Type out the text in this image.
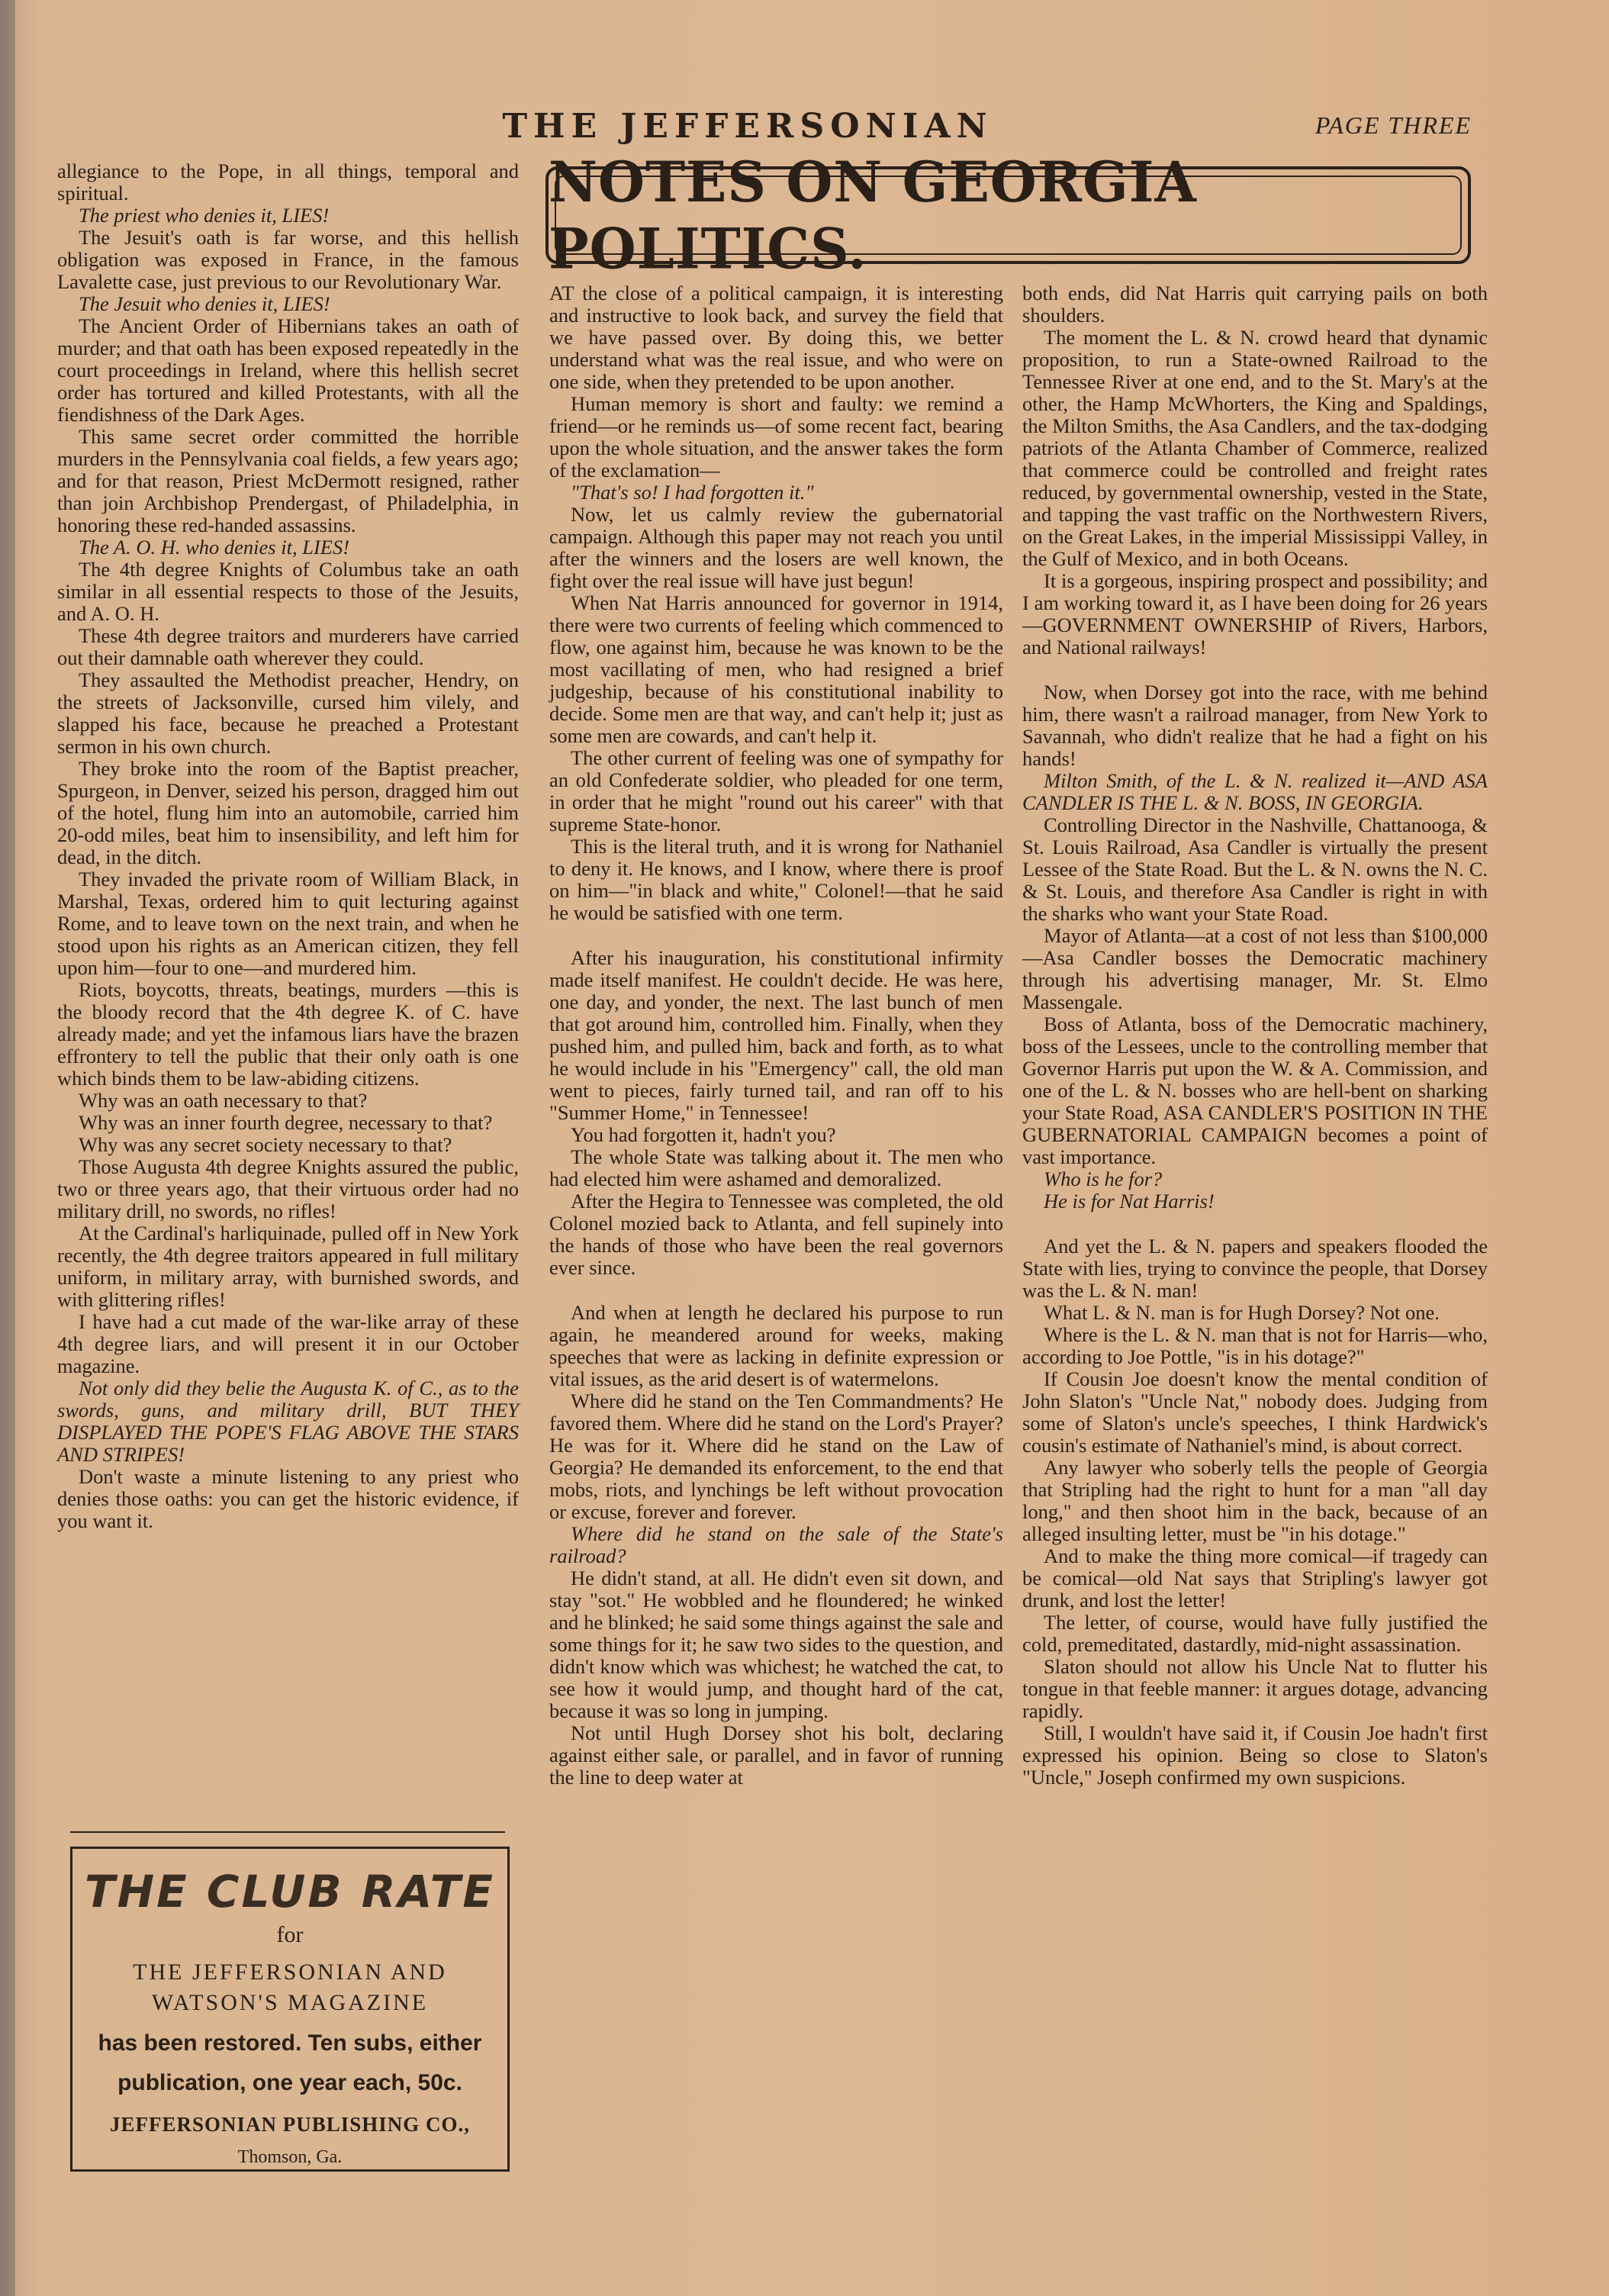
THE JEFFERSONIAN	PAGE THREE

allegiance to the Pope, in all things, temporal and spiritual.

The priest who denies it, LIES!

The Jesuit's oath is far worse, and this hellish obligation was exposed in France, in the famous Lavalette case, just previous to our Revolutionary War.

The Jesuit who denies it, LIES!

The Ancient Order of Hibernians takes an oath of murder; and that oath has been exposed repeatedly in the court proceedings in Ireland, where this hellish secret order has tortured and killed Protestants, with all the fiendishness of the Dark Ages.

This same secret order committed the horrible murders in the Pennsylvania coal fields, a few years ago; and for that reason, Priest McDermott resigned, rather than join Archbishop Prendergast, of Philadelphia, in honoring these red-handed assassins.

The A. O. H. who denies it, LIES!

The 4th degree Knights of Columbus take an oath similar in all essential respects to those of the Jesuits, and A. O. H.

These 4th degree traitors and murderers have carried out their damnable oath wherever they could.

They assaulted the Methodist preacher, Hendry, on the streets of Jacksonville, cursed him vilely, and slapped his face, because he preached a Protestant sermon in his own church.

They broke into the room of the Baptist preacher, Spurgeon, in Denver, seized his person, dragged him out of the hotel, flung him into an automobile, carried him 20-odd miles, beat him to insensibility, and left him for dead, in the ditch.

They invaded the private room of William Black, in Marshal, Texas, ordered him to quit lecturing against Rome, and to leave town on the next train, and when he stood upon his rights as an American citizen, they fell upon him—four to one—and murdered him.

Riots, boycotts, threats, beatings, murders —this is the bloody record that the 4th degree K. of C. have already made; and yet the infamous liars have the brazen effrontery to tell the public that their only oath is one which binds them to be law-abiding citizens.

Why was an oath necessary to that?

Why was an inner fourth degree, necessary to that?

Why was any secret society necessary to that?

Those Augusta 4th degree Knights assured the public, two or three years ago, that their virtuous order had no military drill, no swords, no rifles!

At the Cardinal's harliquinade, pulled off in New York recently, the 4th degree traitors appeared in full military uniform, in military array, with burnished swords, and with glittering rifles!

I have had a cut made of the war-like array of these 4th degree liars, and will present it in our October magazine.

Not only did they belie the Augusta K. of C., as to the swords, guns, and military drill, BUT THEY DISPLAYED THE POPE'S FLAG ABOVE THE STARS AND STRIPES!

Don't waste a minute listening to any priest who denies those oaths: you can get the historic evidence, if you want it.

THE CLUB RATE
for
THE JEFFERSONIAN AND
WATSON'S MAGAZINE
has been restored. Ten subs, either
publication, one year each, 50c.
JEFFERSONIAN PUBLISHING CO.,
Thomson, Ga.
NOTES ON GEORGIA POLITICS.

AT the close of a political campaign, it is interesting and instructive to look back, and survey the field that we have passed over. By doing this, we better understand what was the real issue, and who were on one side, when they pretended to be upon another.

Human memory is short and faulty: we remind a friend—or he reminds us—of some recent fact, bearing upon the whole situation, and the answer takes the form of the exclamation—

"That's so! I had forgotten it."

Now, let us calmly review the gubernatorial campaign. Although this paper may not reach you until after the winners and the losers are well known, the fight over the real issue will have just begun!

When Nat Harris announced for governor in 1914, there were two currents of feeling which commenced to flow, one against him, because he was known to be the most vacillating of men, who had resigned a brief judgeship, because of his constitutional inability to decide. Some men are that way, and can't help it; just as some men are cowards, and can't help it.

The other current of feeling was one of sympathy for an old Confederate soldier, who pleaded for one term, in order that he might "round out his career" with that supreme State-honor.

This is the literal truth, and it is wrong for Nathaniel to deny it. He knows, and I know, where there is proof on him—"in black and white," Colonel!—that he said he would be satisfied with one term.

After his inauguration, his constitutional infirmity made itself manifest. He couldn't decide. He was here, one day, and yonder, the next. The last bunch of men that got around him, controlled him. Finally, when they pushed him, and pulled him, back and forth, as to what he would include in his "Emergency" call, the old man went to pieces, fairly turned tail, and ran off to his "Summer Home," in Tennessee!

You had forgotten it, hadn't you?

The whole State was talking about it. The men who had elected him were ashamed and demoralized.

After the Hegira to Tennessee was completed, the old Colonel mozied back to Atlanta, and fell supinely into the hands of those who have been the real governors ever since.

And when at length he declared his purpose to run again, he meandered around for weeks, making speeches that were as lacking in definite expression or vital issues, as the arid desert is of watermelons.

Where did he stand on the Ten Commandments? He favored them. Where did he stand on the Lord's Prayer? He was for it. Where did he stand on the Law of Georgia? He demanded its enforcement, to the end that mobs, riots, and lynchings be left without provocation or excuse, forever and forever.

Where did he stand on the sale of the State's railroad?

He didn't stand, at all. He didn't even sit down, and stay "sot." He wobbled and he floundered; he winked and he blinked; he said some things against the sale and some things for it; he saw two sides to the question, and didn't know which was whichest; he watched the cat, to see how it would jump, and thought hard of the cat, because it was so long in jumping.

Not until Hugh Dorsey shot his bolt, declaring against either sale, or parallel, and in favor of running the line to deep water at

both ends, did Nat Harris quit carrying pails on both shoulders.

The moment the L. & N. crowd heard that dynamic proposition, to run a State-owned Railroad to the Tennessee River at one end, and to the St. Mary's at the other, the Hamp McWhorters, the King and Spaldings, the Milton Smiths, the Asa Candlers, and the tax-dodging patriots of the Atlanta Chamber of Commerce, realized that commerce could be controlled and freight rates reduced, by governmental ownership, vested in the State, and tapping the vast traffic on the Northwestern Rivers, on the Great Lakes, in the imperial Mississippi Valley, in the Gulf of Mexico, and in both Oceans.

It is a gorgeous, inspiring prospect and possibility; and I am working toward it, as I have been doing for 26 years—GOVERNMENT OWNERSHIP of Rivers, Harbors, and National railways!

Now, when Dorsey got into the race, with me behind him, there wasn't a railroad manager, from New York to Savannah, who didn't realize that he had a fight on his hands!

Milton Smith, of the L. & N. realized it—AND ASA CANDLER IS THE L. & N. BOSS, IN GEORGIA.

Controlling Director in the Nashville, Chattanooga, & St. Louis Railroad, Asa Candler is virtually the present Lessee of the State Road. But the L. & N. owns the N. C. & St. Louis, and therefore Asa Candler is right in with the sharks who want your State Road.

Mayor of Atlanta—at a cost of not less than $100,000—Asa Candler bosses the Democratic machinery through his advertising manager, Mr. St. Elmo Massengale.

Boss of Atlanta, boss of the Democratic machinery, boss of the Lessees, uncle to the controlling member that Governor Harris put upon the W. & A. Commission, and one of the L. & N. bosses who are hell-bent on sharking your State Road, ASA CANDLER'S POSITION IN THE GUBERNATORIAL CAMPAIGN becomes a point of vast importance.

Who is he for?

He is for Nat Harris!

And yet the L. & N. papers and speakers flooded the State with lies, trying to convince the people, that Dorsey was the L. & N. man!

What L. & N. man is for Hugh Dorsey? Not one.

Where is the L. & N. man that is not for Harris—who, according to Joe Pottle, "is in his dotage?"

If Cousin Joe doesn't know the mental condition of John Slaton's "Uncle Nat," nobody does. Judging from some of Slaton's uncle's speeches, I think Hardwick's cousin's estimate of Nathaniel's mind, is about correct.

Any lawyer who soberly tells the people of Georgia that Stripling had the right to hunt for a man "all day long," and then shoot him in the back, because of an alleged insulting letter, must be "in his dotage."

And to make the thing more comical—if tragedy can be comical—old Nat says that Stripling's lawyer got drunk, and lost the letter!

The letter, of course, would have fully justified the cold, premeditated, dastardly, mid-night assassination.

Slaton should not allow his Uncle Nat to flutter his tongue in that feeble manner: it argues dotage, advancing rapidly.

Still, I wouldn't have said it, if Cousin Joe hadn't first expressed his opinion. Being so close to Slaton's "Uncle," Joseph confirmed my own suspicions.
